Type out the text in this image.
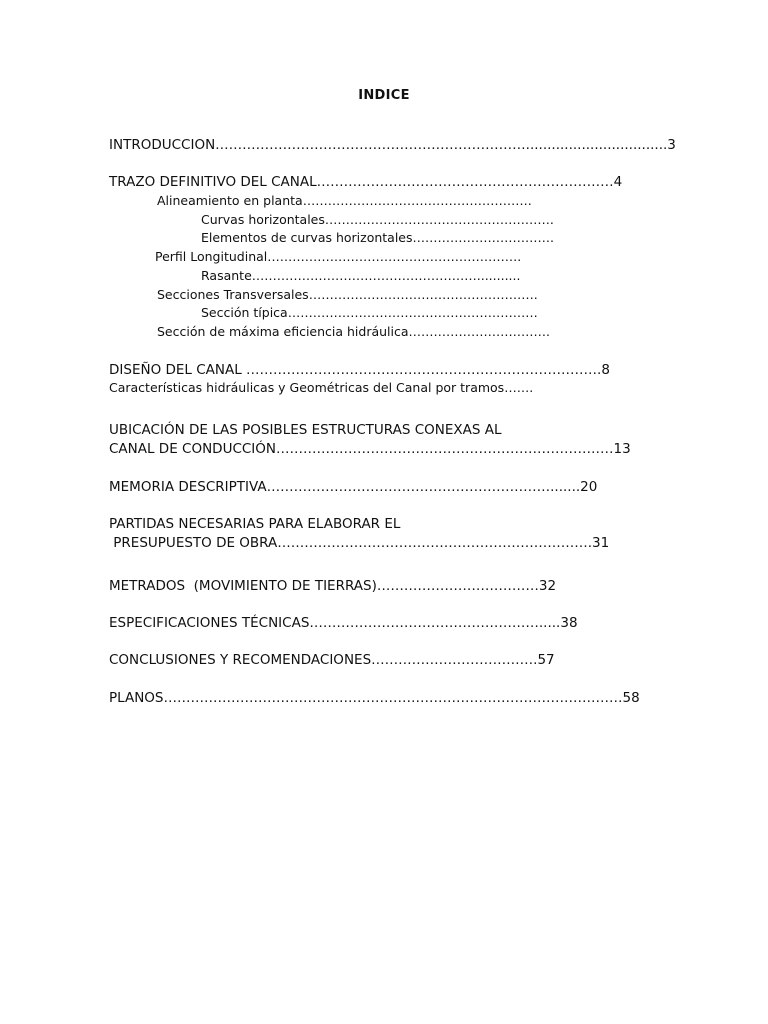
INDICE
INTRODUCCION…………………………………………………………….................................3
TRAZO DEFINITIVO DEL CANAL…………………………………………………………4
Alineamiento en planta……………………………………………….
Curvas horizontales……………………………………………….
Elementos de curvas horizontales…………………………….
Perfil Longitudinal…………………………………………………….
Rasante………………………………………………...........
Secciones Transversales……………………………………………….
Sección típica……………………………………………………
Sección de máxima eficiencia hidráulica…………………………….
DISEÑO DEL CANAL …………………………………………………………………….8
Características hidráulicas y Geométricas del Canal por tramos…….
UBICACIÓN DE LAS POSIBLES ESTRUCTURAS CONEXAS AL
CANAL DE CONDUCCIÓN…………………………………………………………………13
MEMORIA DESCRIPTIVA……………………………………………………….......20
PARTIDAS NECESARIAS PARA ELABORAR EL
PRESUPUESTO DE OBRA…………………………………………………………….31
METRADOS  (MOVIMIENTO DE TIERRAS)………………………………32
ESPECIFICACIONES TÉCNICAS…………………………………………….....38
CONCLUSIONES Y RECOMENDACIONES……………………………….57
PLANOS…………………………………………………………………………………………58
